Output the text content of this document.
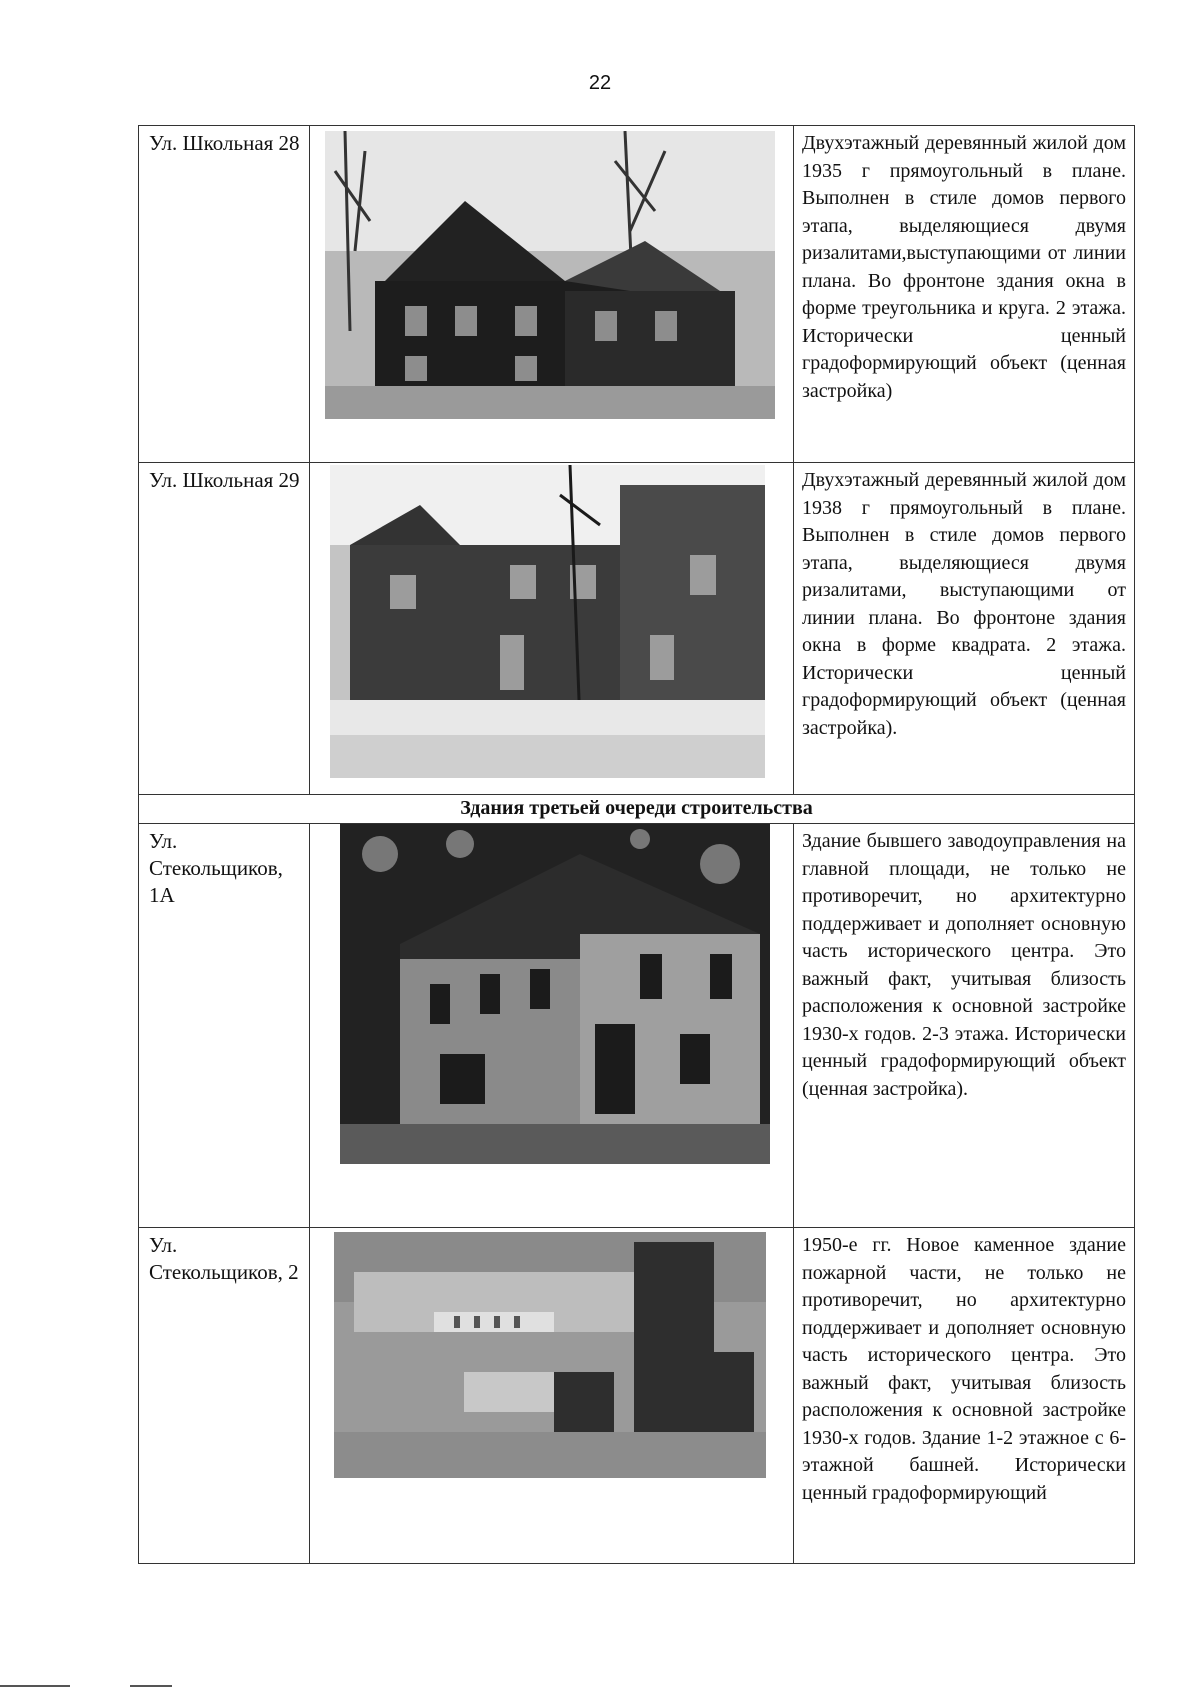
22
Ул. Школьная 28	Двухэтажный деревянный жилой дом 1935 г прямоугольный в плане. Выполнен в стиле домов первого этапа, выделяющиеся двумя ризалитами,выступающими от линии плана. Во фронтоне здания окна в форме треугольника и круга. 2 этажа. Исторически ценный градоформирующий объект (ценная застройка)
Ул. Школьная 29	Двухэтажный деревянный жилой дом 1938 г прямоугольный в плане. Выполнен в стиле домов первого этапа, выделяющиеся двумя ризалитами, выступающими от линии плана. Во фронтоне здания окна в форме квадрата. 2 этажа. Исторически ценный градоформирующий объект (ценная застройка).
Здания третьей очереди строительства
Ул. Стекольщиков, 1А
Здание бывшего заводоуправления на главной площади, не только не противоречит, но архитектурно поддерживает и дополняет основную часть исторического центра. Это важный факт, учитывая близость расположения к основной застройке 1930-х годов. 2-3 этажа. Исторически ценный градоформирующий объект (ценная застройка).
Ул. Стекольщиков, 2
1950-е гг. Новое каменное здание пожарной части, не только не противоречит, но архитектурно поддерживает и дополняет основную часть исторического центра. Это важный факт, учитывая близость расположения к основной застройке 1930-х годов. Здание 1-2 этажное с 6-этажной башней. Исторически ценный градоформирующий
